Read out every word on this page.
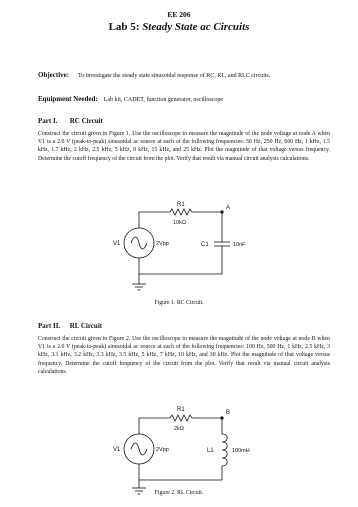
EE 206
Lab 5: Steady State ac Circuits
Objective: To investigate the steady state sinusoidal response of RC, RL, and RLC circuits.
Equipment Needed: Lab kit, CADET, function generator, oscilloscope
Part I. RC Circuit
Construct the circuit given in Figure 1. Use the oscilloscope to measure the magnitude of the node voltage at node A when V1 is a 2.0 V (peak-to-peak) sinusoidal ac source at each of the following frequencies: 50 Hz, 250 Hz, 600 Hz, 1 kHz, 1.5 kHz, 1.7 kHz, 2 kHz, 2.5 kHz, 5 kHz, 8 kHz, 15 kHz, and 25 kHz. Plot the magnitude of that voltage versus frequency. Determine the cutoff frequency of the circuit from the plot. Verify that result via manual circuit analysis calculations.
R1
10kΩ
A
V1	2Vpp	C1	10nF
Figure 1. RC Circuit.
Part II. RL Circuit
Construct the circuit given in Figure 2. Use the oscilloscope to measure the magnitude of the node voltage at node B when V1 is a 2.0 V (peak-to-peak) sinusoidal ac source at each of the following frequencies: 100 Hz, 500 Hz, 1 kHz, 2.5 kHz, 3 kHz, 3.1 kHz, 3.2 kHz, 3.3 kHz, 3.5 kHz, 5 kHz, 7 kHz, 10 kHz, and 30 kHz. Plot the magnitude of that voltage versus frequency. Determine the cutoff frequency of the circuit from the plot. Verify that result via manual circuit analysis calculations.
R1
2kΩ
B
V1	2Vpp	L1	100mH
Figure 2. RL Circuit.
